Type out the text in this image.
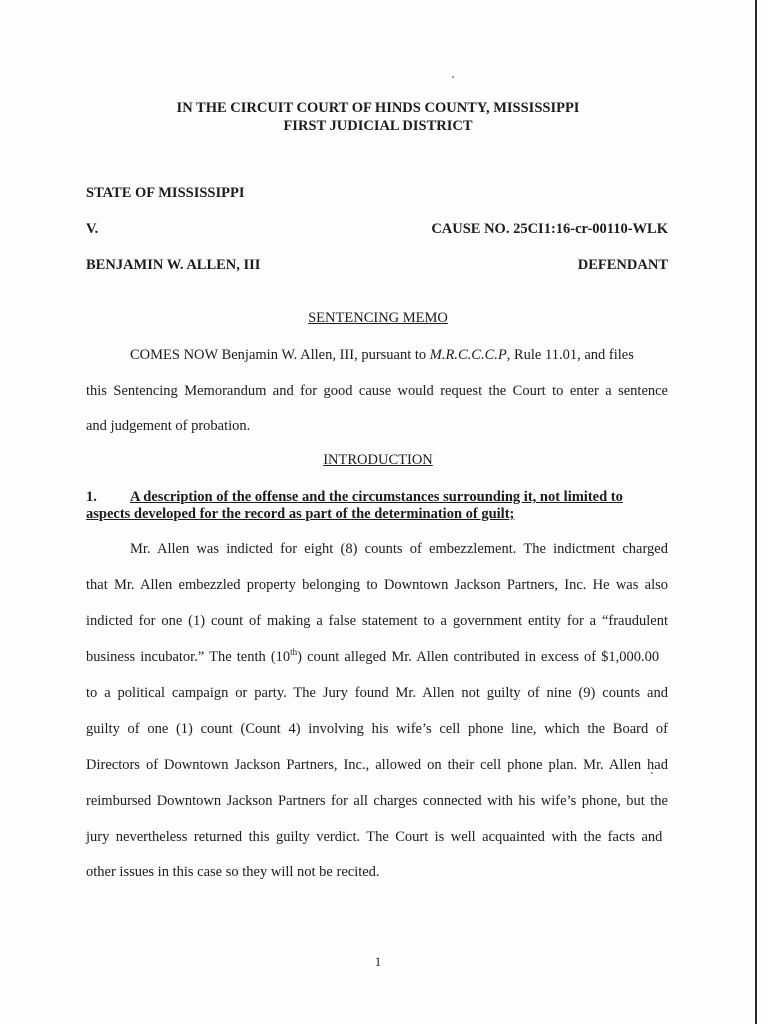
IN THE CIRCUIT COURT OF HINDS COUNTY, MISSISSIPPI
FIRST JUDICIAL DISTRICT
STATE OF MISSISSIPPI
V.	CAUSE NO. 25CI1:16-cr-00110-WLK
BENJAMIN W. ALLEN, III	DEFENDANT
SENTENCING MEMO
COMES NOW Benjamin W. Allen, III, pursuant to M.R.C.C.C.P, Rule 11.01, and files
this Sentencing Memorandum and for good cause would request the Court to enter a sentence
and judgement of probation.
INTRODUCTION
1. A description of the offense and the circumstances surrounding it, not limited to
aspects developed for the record as part of the determination of guilt;
Mr. Allen was indicted for eight (8) counts of embezzlement. The indictment charged
that Mr. Allen embezzled property belonging to Downtown Jackson Partners, Inc. He was also
indicted for one (1) count of making a false statement to a government entity for a “fraudulent
business incubator.” The tenth (10th) count alleged Mr. Allen contributed in excess of $1,000.00
to a political campaign or party. The Jury found Mr. Allen not guilty of nine (9) counts and
guilty of one (1) count (Count 4) involving his wife’s cell phone line, which the Board of
Directors of Downtown Jackson Partners, Inc., allowed on their cell phone plan. Mr. Allen had
reimbursed Downtown Jackson Partners for all charges connected with his wife’s phone, but the
jury nevertheless returned this guilty verdict. The Court is well acquainted with the facts and
other issues in this case so they will not be recited.
1
